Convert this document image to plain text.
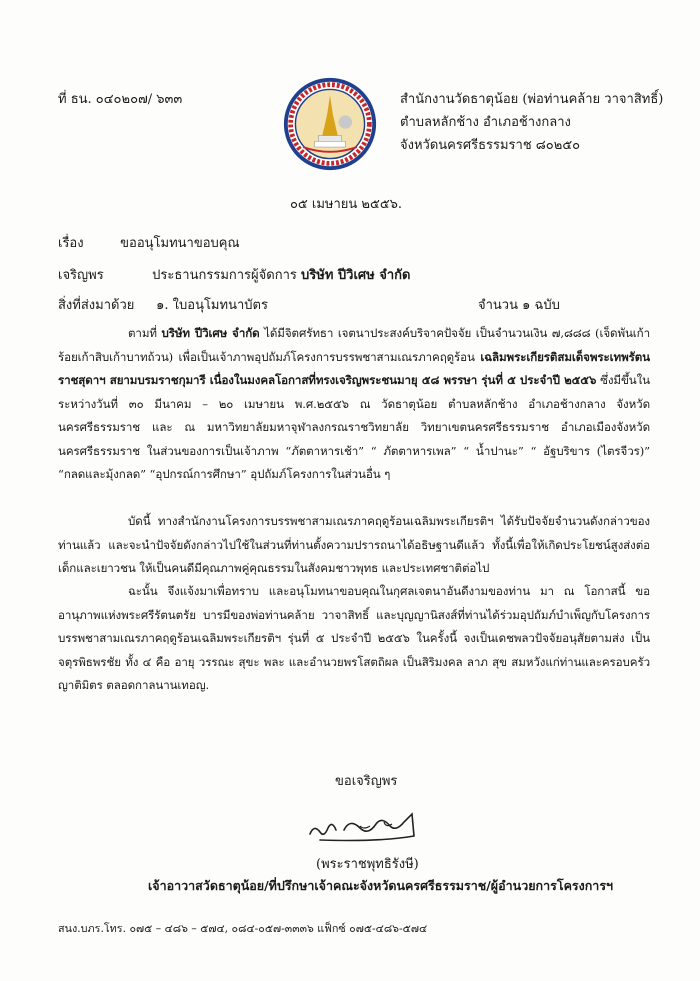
ที่ ธน. ๐๔๐๒๐๗/ ๖๓๓	สำนักงานวัดธาตุน้อย (พ่อท่านคล้าย วาจาสิทธิ์)
ตำบลหลักช้าง อำเภอช้างกลาง
จังหวัดนครศรีธรรมราช ๘๐๒๕๐
๐๕ เมษายน ๒๕๕๖.
เรื่อง	ขออนุโมทนาขอบคุณ
เจริญพร	ประธานกรรมการผู้จัดการ บริษัท ปีวิเศษ จำกัด
สิ่งที่ส่งมาด้วย ๑. ใบอนุโมทนาบัตร	จำนวน ๑ ฉบับ
ตามที่ บริษัท ปีวิเศษ จำกัด ได้มีจิตศรัทธา เจตนาประสงค์บริจาคปัจจัย เป็นจำนวนเงิน ๗,๘๘๘ (เจ็ดพันเก้าร้อยเก้าสิบเก้าบาทถ้วน) เพื่อเป็นเจ้าภาพอุปถัมภ์โครงการบรรพชาสามเณรภาคฤดูร้อน เฉลิมพระเกียรติสมเด็จพระเทพรัตนราชสุดาฯ สยามบรมราชกุมารี เนื่องในมงคลโอกาสที่ทรงเจริญพระชนมายุ ๕๘ พรรษา รุ่นที่ ๕ ประจำปี ๒๕๕๖ ซึ่งมีขึ้นในระหว่างวันที่ ๓๐ มีนาคม – ๒๐ เมษายน พ.ศ.๒๕๕๖ ณ วัดธาตุน้อย ตำบลหลักช้าง อำเภอช้างกลาง จังหวัดนครศรีธรรมราช และ ณ มหาวิทยาลัยมหาจุฬาลงกรณราชวิทยาลัย วิทยาเขตนครศรีธรรมราช อำเภอเมืองจังหวัดนครศรีธรรมราช ในส่วนของการเป็นเจ้าภาพ “ภัตตาหารเช้า” “ ภัตตาหารเพล” “ น้ำปานะ” “ อัฐบริขาร (ไตรจีวร)” “กลดและมุ้งกลด” “อุปกรณ์การศึกษา” อุปถัมภ์โครงการในส่วนอื่น ๆ
บัดนี้ ทางสำนักงานโครงการบรรพชาสามเณรภาคฤดูร้อนเฉลิมพระเกียรติฯ ได้รับปัจจัยจำนวนดังกล่าวของท่านแล้ว และจะนำปัจจัยดังกล่าวไปใช้ในส่วนที่ท่านตั้งความปรารถนาได้อธิษฐานดีแล้ว ทั้งนี้เพื่อให้เกิดประโยชน์สูงส่งต่อเด็กและเยาวชน ให้เป็นคนดีมีคุณภาพคู่คุณธรรมในสังคมชาวพุทธ และประเทศชาติต่อไป
ฉะนั้น จึงแจ้งมาเพื่อทราบ และอนุโมทนาขอบคุณในกุศลเจตนาอันดีงามของท่าน มา ณ โอกาสนี้ ขออานุภาพแห่งพระศรีรัตนตรัย บารมีของพ่อท่านคล้าย วาจาสิทธิ์ และบุญญานิสงส์ที่ท่านได้ร่วมอุปถัมภ์บำเพ็ญกับโครงการบรรพชาสามเณรภาคฤดูร้อนเฉลิมพระเกียรติฯ รุ่นที่ ๕ ประจำปี ๒๕๕๖ ในครั้งนี้ จงเป็นเดชพลวปัจจัยอนุสัยตามส่ง เป็นจตุรพิธพรชัย ทั้ง ๔ คือ อายุ วรรณะ สุขะ พละ และอำนวยพรโสตถิผล เป็นสิริมงคล ลาภ สุข สมหวังแก่ท่านและครอบครัว ญาติมิตร ตลอดกาลนานเทอญ.
ขอเจริญพร
(พระราชพุทธิรังษี)
เจ้าอาวาสวัดธาตุน้อย/ที่ปรึกษาเจ้าคณะจังหวัดนครศรีธรรมราช/ผู้อำนวยการโครงการฯ
สนง.บภร.โทร. ๐๗๕ – ๔๘๖ – ๕๗๔, ๐๘๔-๐๕๗-๓๓๓๖ แฟ็กซ์ ๐๗๕-๔๘๖-๕๗๔
